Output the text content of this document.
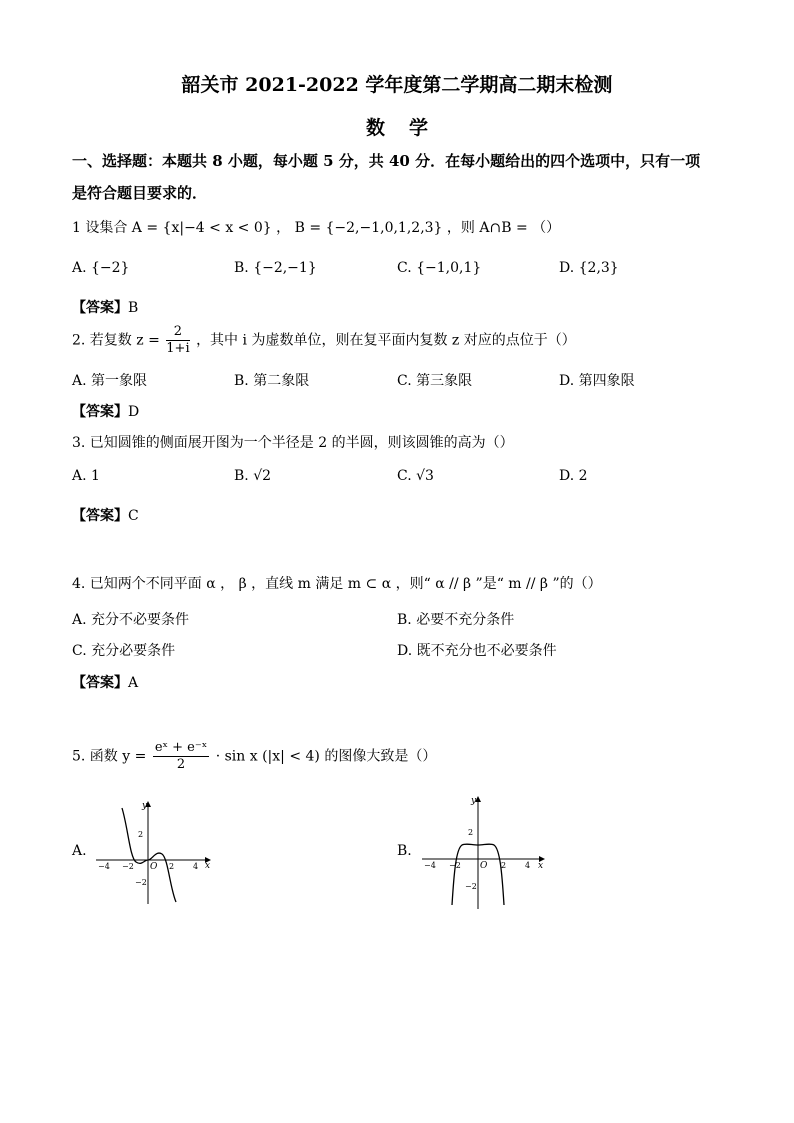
韶关市 2021-2022 学年度第二学期高二期末检测
数学
一、选择题：本题共 8 小题，每小题 5 分，共 40 分．在每小题给出的四个选项中，只有一项
是符合题目要求的．
1 设集合 A = {x|−4 < x < 0} ， B = {−2,−1,0,1,2,3} ，则 A∩B = （）
A. {−2}	B. {−2,−1}	C. {−1,0,1}	D. {2,3}
【答案】B
2. 若复数 $z = \frac{2}{1+i}$ ，其中 i 为虚数单位，则在复平面内复数 z 对应的点位于（）
A. 第一象限	B. 第二象限	C. 第三象限	D. 第四象限
【答案】D
3. 已知圆锥的侧面展开图为一个半径是 2 的半圆，则该圆锥的高为（）
A. 1	B. √2	C. √3	D. 2
【答案】C
4. 已知两个不同平面 α ， β ，直线 m 满足 m ⊂ α ，则“ α // β ”是“ m // β ”的（）
A. 充分不必要条件	B. 必要不充分条件
C. 充分必要条件	D. 既不充分也不必要条件
【答案】A
5. 函数 $y = \frac{\text{eˣ + e⁻ˣ}}{2} \cdot \sin x$ (|x| < 4) 的图像大致是（）
A.	B.
y
x
O
−4 −2	2 4
2
−2
y
x
O
−4 −2	2 4
2
−2
